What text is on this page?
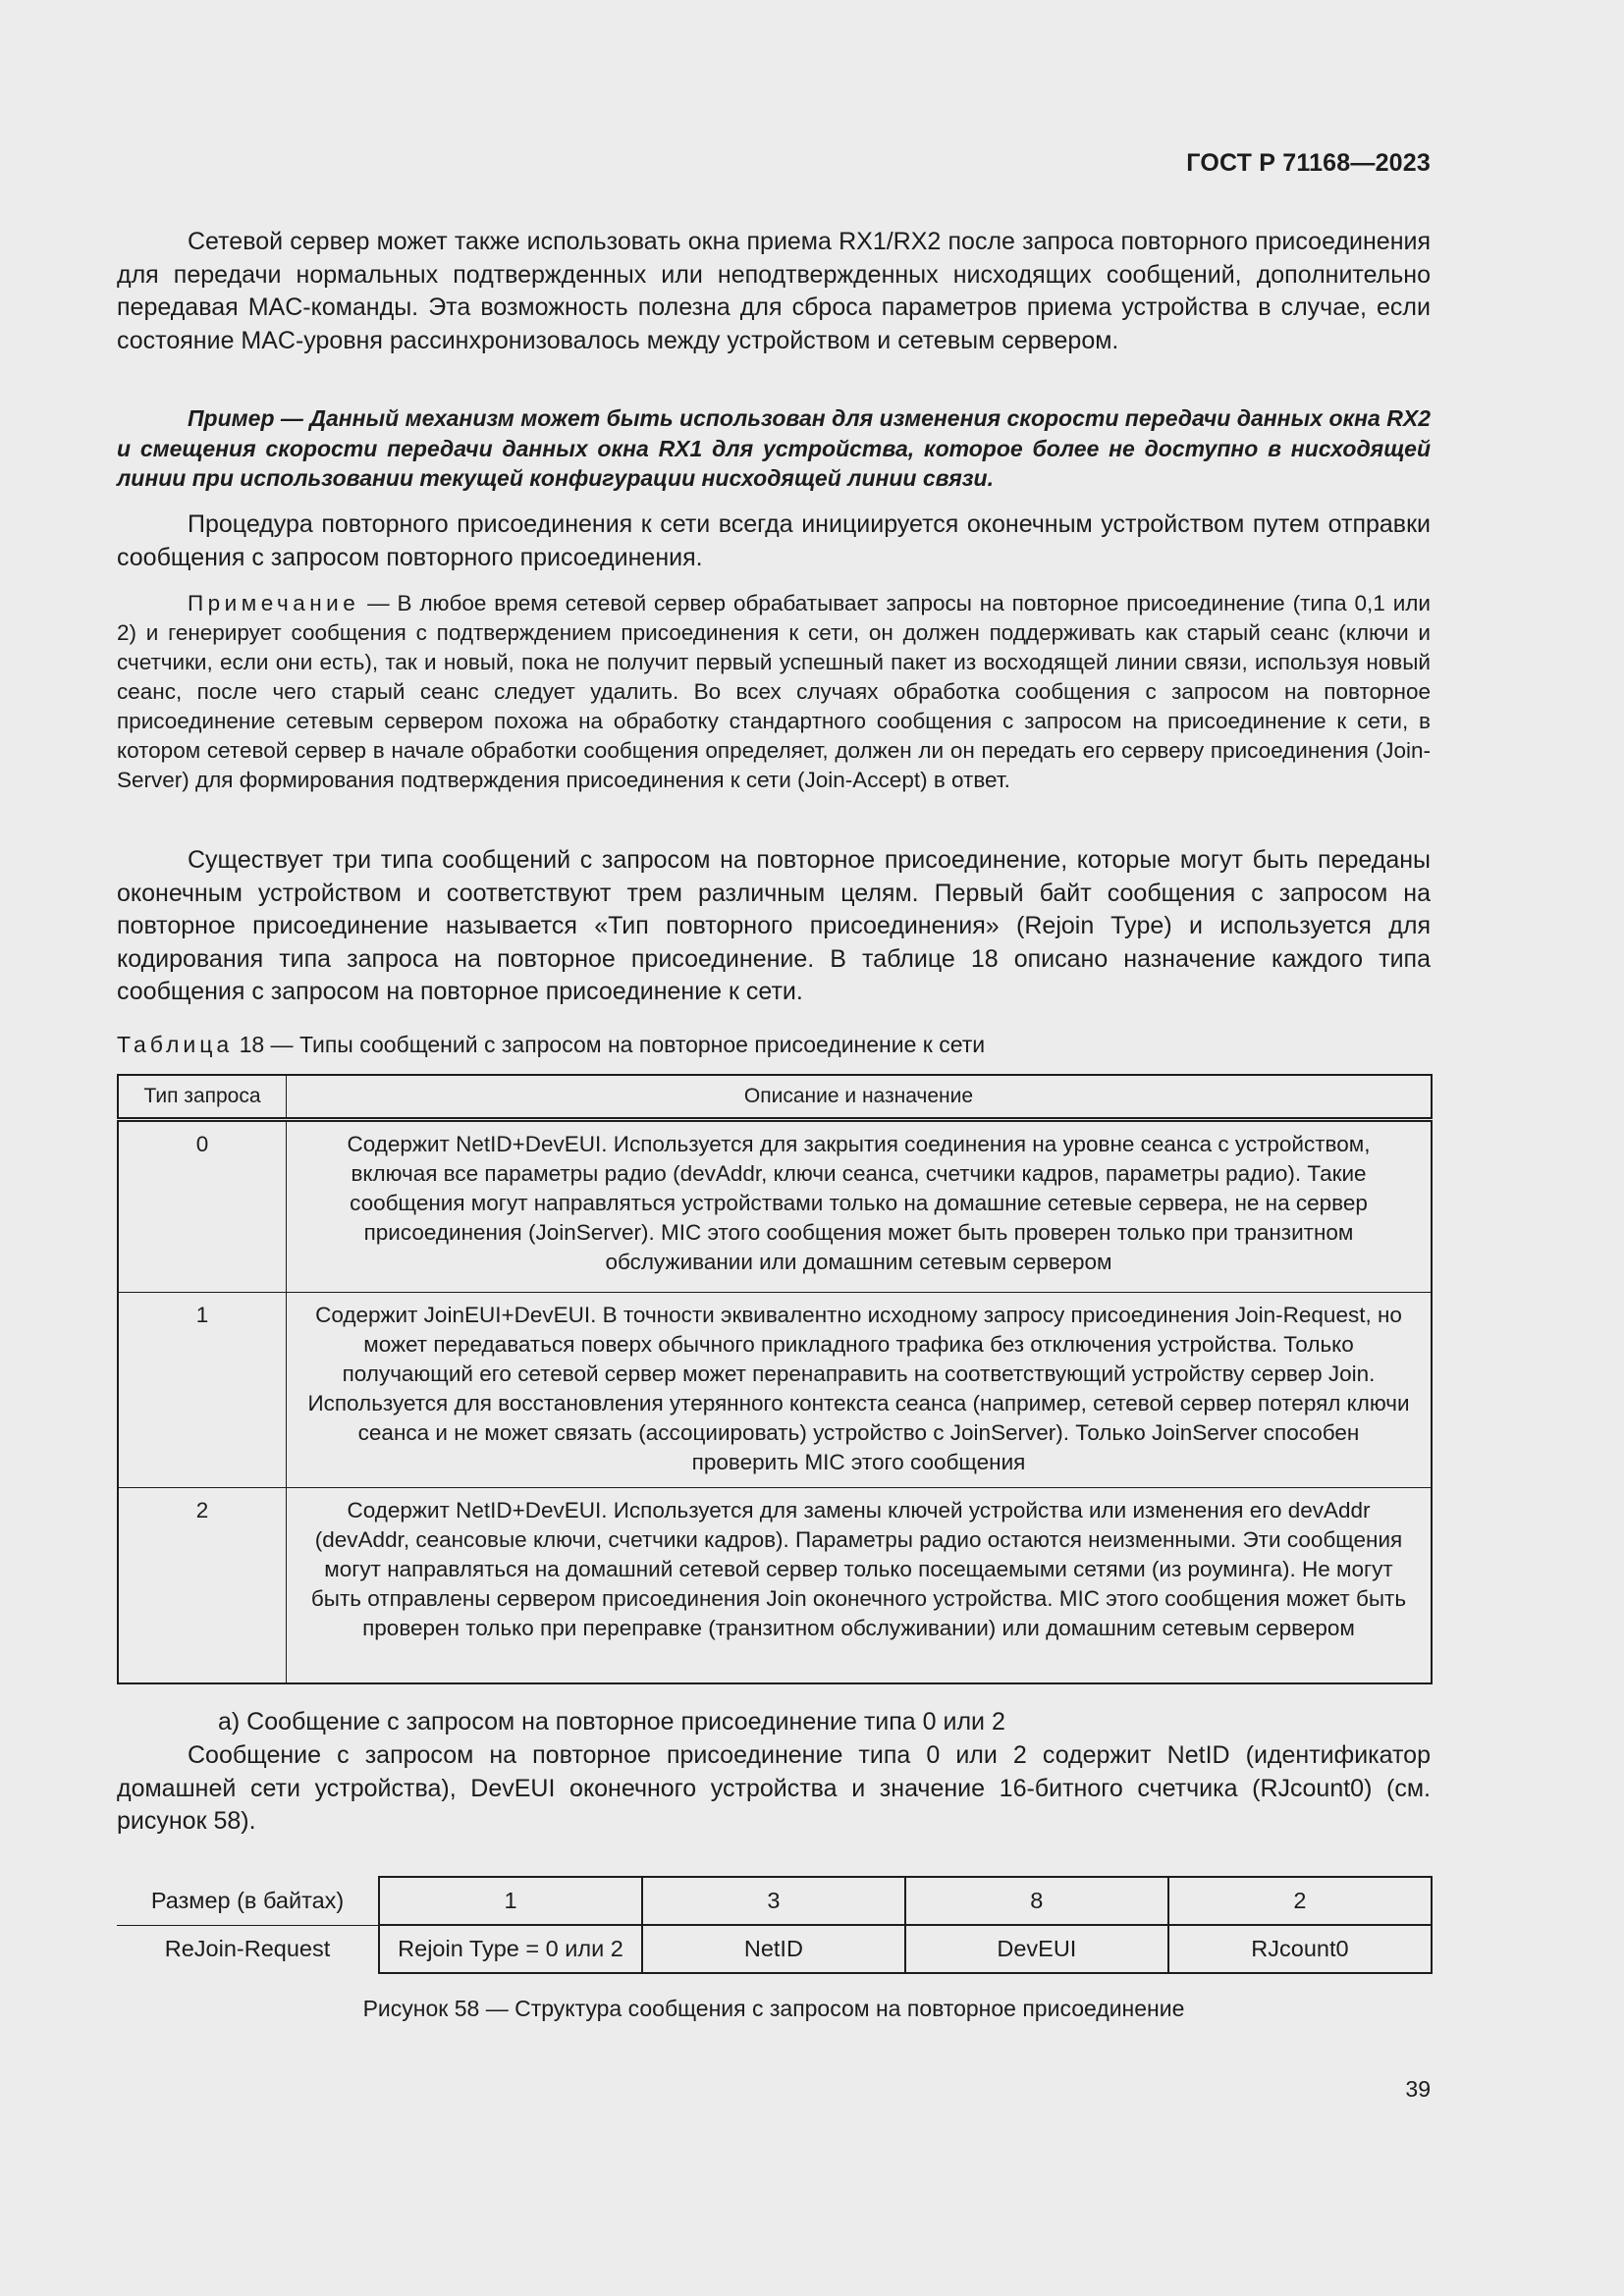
ГОСТ Р 71168—2023

Сетевой сервер может также использовать окна приема RX1/RX2 после запроса повторного присоединения для передачи нормальных подтвержденных или неподтвержденных нисходящих сообщений, дополнительно передавая MAC-команды. Эта возможность полезна для сброса параметров приема устройства в случае, если состояние MAC-уровня рассинхронизовалось между устройством и сетевым сервером.

Пример — Данный механизм может быть использован для изменения скорости передачи данных окна RX2 и смещения скорости передачи данных окна RX1 для устройства, которое более не доступно в нисходящей линии при использовании текущей конфигурации нисходящей линии связи.

Процедура повторного присоединения к сети всегда инициируется оконечным устройством путем отправки сообщения с запросом повторного присоединения.

Примечание — В любое время сетевой сервер обрабатывает запросы на повторное присоединение (типа 0,1 или 2) и генерирует сообщения с подтверждением присоединения к сети, он должен поддерживать как старый сеанс (ключи и счетчики, если они есть), так и новый, пока не получит первый успешный пакет из восходящей линии связи, используя новый сеанс, после чего старый сеанс следует удалить. Во всех случаях обработка сообщения с запросом на повторное присоединение сетевым сервером похожа на обработку стандартного сообщения с запросом на присоединение к сети, в котором сетевой сервер в начале обработки сообщения определяет, должен ли он передать его серверу присоединения (Join-Server) для формирования подтверждения присоединения к сети (Join-Accept) в ответ.

Существует три типа сообщений с запросом на повторное присоединение, которые могут быть переданы оконечным устройством и соответствуют трем различным целям. Первый байт сообщения с запросом на повторное присоединение называется «Тип повторного присоединения» (Rejoin Type) и используется для кодирования типа запроса на повторное присоединение. В таблице 18 описано назначение каждого типа сообщения с запросом на повторное присоединение к сети.

Таблица 18 — Типы сообщений с запросом на повторное присоединение к сети
Тип запроса	Описание и назначение
0	Содержит NetID+DevEUI. Используется для закрытия соединения на уровне сеанса с устройством, включая все параметры радио (devAddr, ключи сеанса, счетчики кадров, параметры радио). Такие сообщения могут направляться устройствами только на домашние сетевые сервера, не на сервер присоединения (JoinServer). MIC этого сообщения может быть проверен только при транзитном обслуживании или домашним сетевым сервером
1	Содержит JoinEUI+DevEUI. В точности эквивалентно исходному запросу присоединения Join-Request, но может передаваться поверх обычного прикладного трафика без отключения устройства. Только получающий его сетевой сервер может перенаправить на соответствующий устройству сервер Join. Используется для восстановления утерянного контекста сеанса (например, сетевой сервер потерял ключи сеанса и не может связать (ассоциировать) устройство с JoinServer). Только JoinServer способен проверить MIC этого сообщения
2	Содержит NetID+DevEUI. Используется для замены ключей устройства или изменения его devAddr (devAddr, сеансовые ключи, счетчики кадров). Параметры радио остаются неизменными. Эти сообщения могут направляться на домашний сетевой сервер только посещаемыми сетями (из роуминга). Не могут быть отправлены сервером присоединения Join оконечного устройства. MIC этого сообщения может быть проверен только при переправке (транзитном обслуживании) или домашним сетевым сервером

а) Сообщение с запросом на повторное присоединение типа 0 или 2

Сообщение с запросом на повторное присоединение типа 0 или 2 содержит NetID (идентификатор домашней сети устройства), DevEUI оконечного устройства и значение 16-битного счетчика (RJcount0) (см. рисунок 58).

Размер (в байтах)	1	3	8	2
ReJoin-Request	Rejoin Type = 0 или 2	NetID	DevEUI	RJcount0
Рисунок 58 — Структура сообщения с запросом на повторное присоединение
39
